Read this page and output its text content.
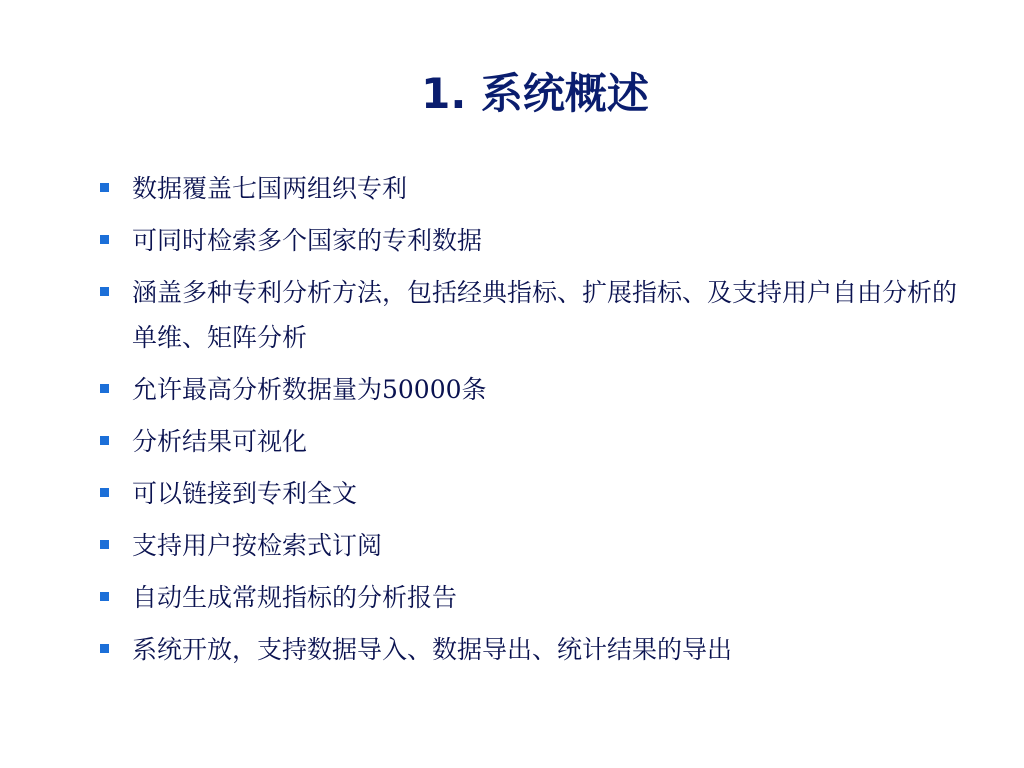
1. 系统概述
数据覆盖七国两组织专利
可同时检索多个国家的专利数据
涵盖多种专利分析方法，包括经典指标、扩展指标、及支持用户自由分析的单维、矩阵分析
允许最高分析数据量为50000条
分析结果可视化
可以链接到专利全文
支持用户按检索式订阅
自动生成常规指标的分析报告
系统开放，支持数据导入、数据导出、统计结果的导出
